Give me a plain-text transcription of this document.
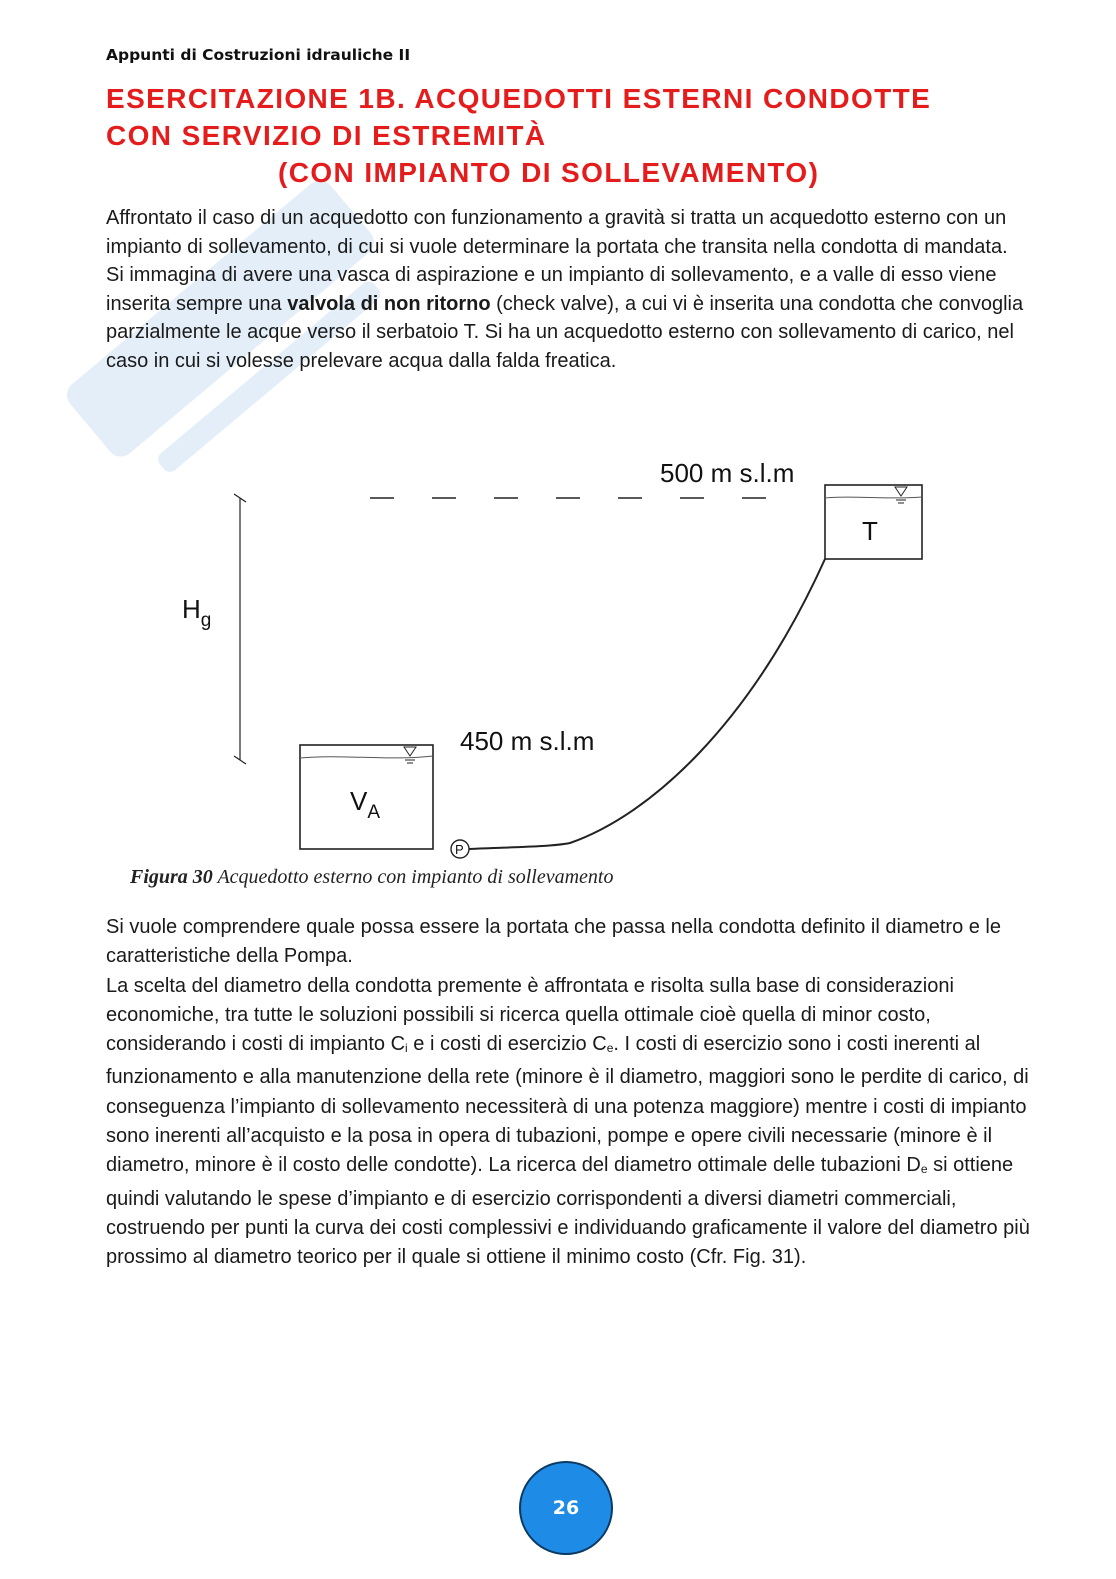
Appunti di Costruzioni idrauliche II
ESERCITAZIONE 1B. ACQUEDOTTI ESTERNI CONDOTTE
CON SERVIZIO DI ESTREMITÀ

(CON IMPIANTO DI SOLLEVAMENTO)

Affrontato il caso di un acquedotto con funzionamento a gravità si tratta un acquedotto esterno con un impianto di sollevamento, di cui si vuole determinare la portata che transita nella condotta di mandata.

Si immagina di avere una vasca di aspirazione e un impianto di sollevamento, e a valle di esso viene inserita sempre una valvola di non ritorno (check valve), a cui vi è inserita una condotta che convoglia parzialmente le acque verso il serbatoio T. Si ha un acquedotto esterno con sollevamento di carico, nel caso in cui si volesse prelevare acqua dalla falda freatica.

500 m s.l.m
$H_g$
T
$V_A$
450 m s.l.m
P
Figura 30 Acquedotto esterno con impianto di sollevamento

Si vuole comprendere quale possa essere la portata che passa nella condotta definito il diametro e le caratteristiche della Pompa.

La scelta del diametro della condotta premente è affrontata e risolta sulla base di considerazioni economiche, tra tutte le soluzioni possibili si ricerca quella ottimale cioè quella di minor costo, considerando i costi di impianto Ci e i costi di esercizio Ce. I costi di esercizio sono i costi inerenti al funzionamento e alla manutenzione della rete (minore è il diametro, maggiori sono le perdite di carico, di conseguenza l’impianto di sollevamento necessiterà di una potenza maggiore) mentre i costi di impianto sono inerenti all’acquisto e la posa in opera di tubazioni, pompe e opere civili necessarie (minore è il diametro, minore è il costo delle condotte). La ricerca del diametro ottimale delle tubazioni De si ottiene quindi valutando le spese d’impianto e di esercizio corrispondenti a diversi diametri commerciali, costruendo per punti la curva dei costi complessivi e individuando graficamente il valore del diametro più prossimo al diametro teorico per il quale si ottiene il minimo costo (Cfr. Fig. 31).

26
